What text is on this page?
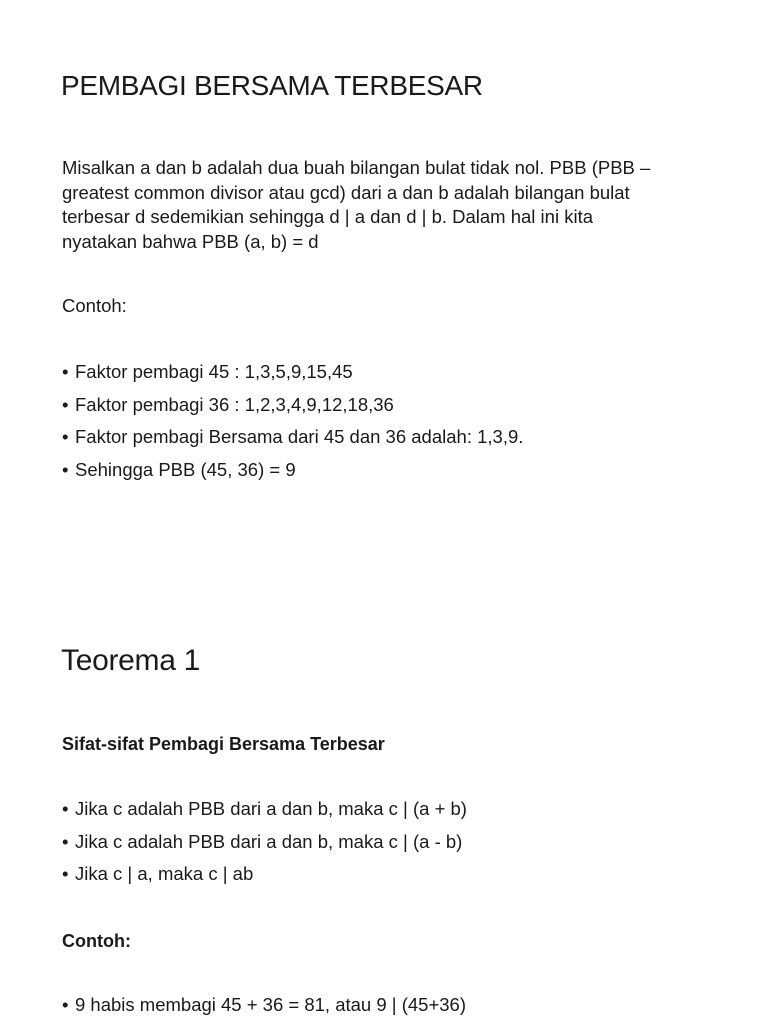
PEMBAGI BERSAMA TERBESAR

Misalkan a dan b adalah dua buah bilangan bulat tidak nol. PBB (PBB –
greatest common divisor atau gcd) dari a dan b adalah bilangan bulat
terbesar d sedemikian sehingga d | a dan d | b. Dalam hal ini kita
nyatakan bahwa PBB (a, b) = d

Contoh:

• Faktor pembagi 45 : 1,3,5,9,15,45
• Faktor pembagi 36 : 1,2,3,4,9,12,18,36
• Faktor pembagi Bersama dari 45 dan 36 adalah: 1,3,9.
• Sehingga PBB (45, 36) = 9
Teorema 1

Sifat-sifat Pembagi Bersama Terbesar

• Jika c adalah PBB dari a dan b, maka c | (a + b)
• Jika c adalah PBB dari a dan b, maka c | (a - b)
• Jika c | a, maka c | ab

Contoh:

• 9 habis membagi 45 + 36 = 81, atau 9 | (45+36)
